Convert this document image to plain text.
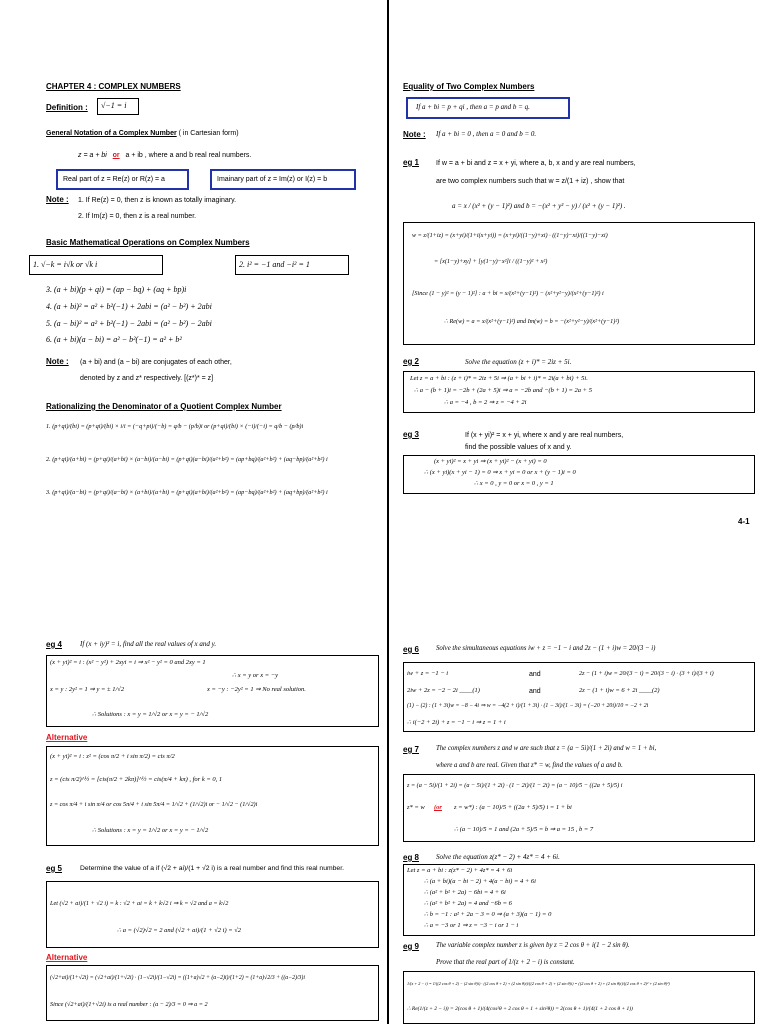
CHAPTER 4 : COMPLEX NUMBERS
Definition : √−1 = i
General Notation of a Complex Number ( in Cartesian form)
z = a + bi or a + ib , where a and b real real numbers.
Real part of z = Re(z) or R(z) = a	Imainary part of z = Im(z) or I(z) = b
Note : 1. If Re(z) = 0, then z is known as totally imaginary.
2. If Im(z) = 0, then z is a real number.
Basic Mathematical Operations on Complex Numbers
1. √−k = i√k or √k i	2. i² = −1 and −i² = 1
3. (a + bi)(p + qi) = (ap − bq) + (aq + bp)i
4. (a + bi)² = a² + b²(−1) + 2abi = (a² − b²) + 2abi
5. (a − bi)² = a² + b²(−1) − 2abi = (a² − b²) − 2abi
6. (a + bi)(a − bi) = a² − b²(−1) = a² + b²
Note : (a + bi) and (a − bi) are conjugates of each other,
denoted by z and z* respectively. [(z*)* = z]
Rationalizing the Denominator of a Quotient Complex Number
1. (p+qi)/(bi) = (p+qi)/(bi) × i/i = (−q+pi)/(−b) = q/b − (p/b)i or (p+qi)/(bi) × (−i)/(−i) = q/b − (p/b)i
2. (p+qi)/(a+bi) = (p+qi)/(a+bi) × (a−bi)/(a−bi) = (p+qi)(a−bi)/(a²+b²) = (ap+bq)/(a²+b²) + (aq−bp)/(a²+b²) i
3. (p+qi)/(a−bi) = (p+qi)/(a−bi) × (a+bi)/(a+bi) = (p+qi)(a+bi)/(a²+b²) = (ap−bq)/(a²+b²) + (aq+bp)/(a²+b²) i
Equality of Two Complex Numbers
If a + bi = p + qi , then a = p and b = q.
Note : If a + bi = 0 , then a = 0 and b = 0.
eg 1 If w = a + bi and z = x + yi, where a, b, x and y are real numbers,
are two complex numbers such that w = z/(1 + iz) , show that
a = x / (x² + (y − 1)²) and b = −(x² + y² − y) / (x² + (y − 1)²) .
w = z/(1+iz) = (x+yi)/(1+i(x+yi)) = (x+yi)/((1−y)+xi) · ((1−y)−xi)/((1−y)−xi)
= [x(1−y)+xy] + [y(1−y)−x²]i / ((1−y)² + x²)
[Since (1 − y)² = (y − 1)²] : a + bi = x/(x²+(y−1)²) − (x²+y²−y)/(x²+(y−1)²) i
∴ Re(w) = a = x/(x²+(y−1)²) and Im(w) = b = −(x²+y²−y)/(x²+(y−1)²)
eg 2	Solve the equation (z + i)* = 2iz + 5i.
Let z = a + bi : (z + i)* = 2iz + 5i ⇒ (a + bi + i)* = 2i(a + bi) + 5i.
∴ a − (b + 1)i = −2b + (2a + 5)i ⇒ a = −2b and −(b + 1) = 2a + 5
∴ a = −4 , b = 2 ⇒ z = −4 + 2i
eg 3	If (x + yi)² = x + yi, where x and y are real numbers,
find the possible values of x and y.
(x + yi)² = x + yi ⇒ (x + yi)² − (x + yi) = 0
∴ (x + yi)(x + yi − 1) = 0 ⇒ x + yi = 0 or x + (y − 1)i = 0
∴ x = 0 , y = 0 or x = 0 , y = 1
4-1
eg 4	If (x + iy)² = i, find all the real values of x and y.
(x + yi)² = i : (x² − y²) + 2xyi = i ⇒ x² − y² = 0 and 2xy = 1
∴ x = y or x = −y
x = y : 2y² = 1 ⇒ y = ± 1/√2	x = −y : −2y² = 1 ⇒ No real solution.
∴ Solutions : x = y = 1/√2 or x = y = − 1/√2
Alternative
(x + yi)² = i : z² = (cos π/2 + i sin π/2) = cis π/2
z = (cis π/2)^½ = [cis(π/2 + 2kπ)]^½ = cis(π/4 + kπ) , for k = 0, 1
z = cos π/4 + i sin π/4 or cos 5π/4 + i sin 5π/4 = 1/√2 + (1/√2)i or − 1/√2 − (1/√2)i
∴ Solutions : x = y = 1/√2 or x = y = − 1/√2
eg 5	Determine the value of a if (√2 + ai)/(1 + √2 i) is a real number and find this real number.
Let (√2 + ai)/(1 + √2 i) = k : √2 + ai = k + k√2 i ⇒ k = √2 and a = k√2
∴ a = (√2)√2 = 2 and (√2 + ai)/(1 + √2 i) = √2
Alternative
(√2+ai)/(1+√2i) = (√2+ai)/(1+√2i) · (1−√2i)/(1−√2i) = ((1+a)√2 + (a−2)i)/(1+2) = (1+a)√2/3 + ((a−2)/3)i
Since (√2+ai)/(1+√2i) is a real number : (a − 2)/3 = 0 ⇒ a = 2
eg 6 Solve the simultaneous equations iw + z = −1 − i and 2z − (1 + i)w = 20/(3 − i)
iw + z = −1 − i	and	2z − (1 + i)w = 20/(3 − i) = 20/(3 − i) · (3 + i)/(3 + i)
2iw + 2z = −2 − 2i ____(1)	and	2z − (1 + i)w = 6 + 2i ____(2)
(1) − (2) : (1 + 3i)w = −8 − 4i ⇒ w = −4(2 + i)/(1 + 3i) · (1 − 3i)/(1 − 3i) = (−20 + 20i)/10 = −2 + 2i
∴ i(−2 + 2i) + z = −1 − i ⇒ z = 1 + i
eg 7 The complex numbers z and w are such that z = (a − 5i)/(1 + 2i) and w = 1 + bi,
where a and b are real. Given that z* = w, find the values of a and b.
z = (a − 5i)/(1 + 2i) = (a − 5i)/(1 + 2i) · (1 − 2i)/(1 − 2i) = (a − 10)/5 − ((2a + 5)/5) i
z* = w (or z = w*) : (a − 10)/5 + ((2a + 5)/5) i = 1 + bi
∴ (a − 10)/5 = 1 and (2a + 5)/5 = b ⇒ a = 15 , b = 7
eg 8 Solve the equation z(z* − 2) + 4z* = 4 + 6i.
Let z = a + bi : z(z* − 2) + 4z* = 4 + 6i
∴ (a + bi)(a − bi − 2) + 4(a − bi) = 4 + 6i
∴ (a² + b² + 2a) − 6bi = 4 + 6i
∴ (a² + b² + 2a) = 4 and −6b = 6
∴ b = −1 : a² + 2a − 3 = 0 ⇒ (a + 3)(a − 1) = 0
∴ a = −3 or 1 ⇒ z = −3 − i or 1 − i
eg 9 The variable complex number z is given by z = 2 cos θ + i(1 − 2 sin θ).
Prove that the real part of 1/(z + 2 − i) is constant.
1/(z + 2 − i) = 1/((2 cos θ + 2) − (2 sin θ)i) · ((2 cos θ + 2) + (2 sin θ)i)/((2 cos θ + 2) + (2 sin θ)i) = ((2 cos θ + 2) + (2 sin θ)i)/((2 cos θ + 2)² + (2 sin θ)²)
∴ Re(1/(z + 2 − i)) = 2(cos θ + 1)/(4(cos²θ + 2 cos θ + 1 + sin²θ)) = 2(cos θ + 1)/(4(1 + 2 cos θ + 1))
